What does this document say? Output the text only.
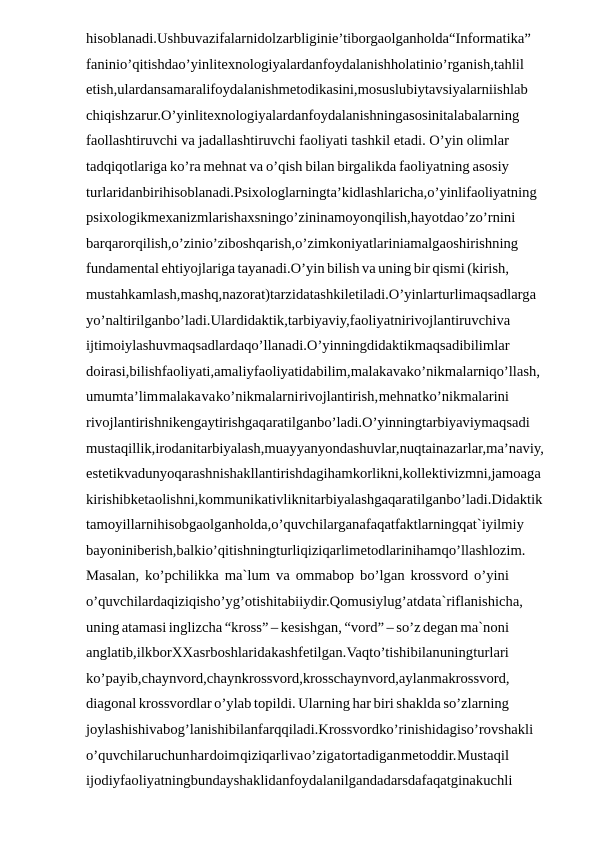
hisoblanadi. Ushbu vazifalarni dolzarbligini e’tiborga olgan holda “Informatika”
fanini o’qitishda o’yinli texnologiyalardan foydalanish holatini o’rganish, tahlil
etish, ulardan samarali foydalanish metodikasini, mos uslubiy tavsiyalarni ishlab
chiqish zarur.O’yinli texnologiyalardan foydalanishning asosini talabalarning
faollashtiruvchi va jadallashtiruvchi faoliyati tashkil etadi. O’yin olimlar
tadqiqotlariga ko’ra mehnat va o’qish bilan birgalikda faoliyatning asosiy
turlaridan biri hisoblanadi. Psixologlarning ta’kidlashlaricha, o’yinli faoliyatning
psixologik mexanizmlari shaxsning o’zini namoyon qilish, hayotda o’z o’rnini
barqaror qilish, o’zini o’zi boshqarish, o’z imkoniyatlarini amalga oshirishning
fundamental ehtiyojlariga tayanadi.O’yin bilish va uning bir qismi (kirish,
mustahkamlash, mashq, nazorat) tarzida tashkil etiladi. O’yinlar turli maqsadlarga
yo’naltirilgan bo’ladi. Ular didaktik, tarbiyaviy, faoliyatni rivojlantiruvchi va
ijtimoiylashuv maqsadlarda qo’llanadi. O’yinning didaktik maqsadi bilimlar
doirasi, bilish faoliyati, amaliy faoliyatida bilim, malaka va ko’nikmalarni qo’llash,
umumta’lim malaka va ko’nikmalarni rivojlantirish, mehnat ko’nikmalarini
rivojlantirishni kengaytirishga qaratilgan bo’ladi. O’yinning tarbiyaviy maqsadi
mustaqillik, irodani tarbiyalash, muayyan yondashuvlar, nuqtai nazarlar, ma’naviy,
estetik va dunyoqarashni shakllantirishdagi hamkorlikni, kollektivizmni, jamoaga
kirishib keta olishni, kommunikativlikni tarbiyalashga qaratilgan bo’ladi. Didaktik
tamoyillarni hisobga olgan holda, o’quvchilarga nafaqat faktlarning qat`iy ilmiy
bayonini berish, balki o’qitishning turli qiziqarli metodlarini ham qo’llash lozim.
Masalan, ko’pchilikka ma`lum va ommabop bo’lgan krossvord o’yini
o’quvchilarda qiziqish o’yg’otishi tabiiydir. Qomusiy lug’atda ta`riflanishicha,
uning atamasi inglizcha “kross” – kesishgan, “vord” – so’z degan ma`noni
anglatib, ilk bor XX asr boshlarida kashf etilgan. Vaqt o’tishi bilan uning turlari
ko’payib, chaynvord, chaynkrossvord, krosschaynvord, aylanma krossvord,
diagonal krossvordlar o’ylab topildi. Ularning har biri shaklda so’zlarning
joylashishi va bog’lanishi bilan farq qiladi.Krossvord ko’rinishidagi so’rov shakli
o’quvchilar uchun har doim qiziqarli va o’ziga tortadigan metoddir. Mustaqil
ijodiy faoliyatning bunday shaklidan foydalanilganda darsda faqatgina kuchli
